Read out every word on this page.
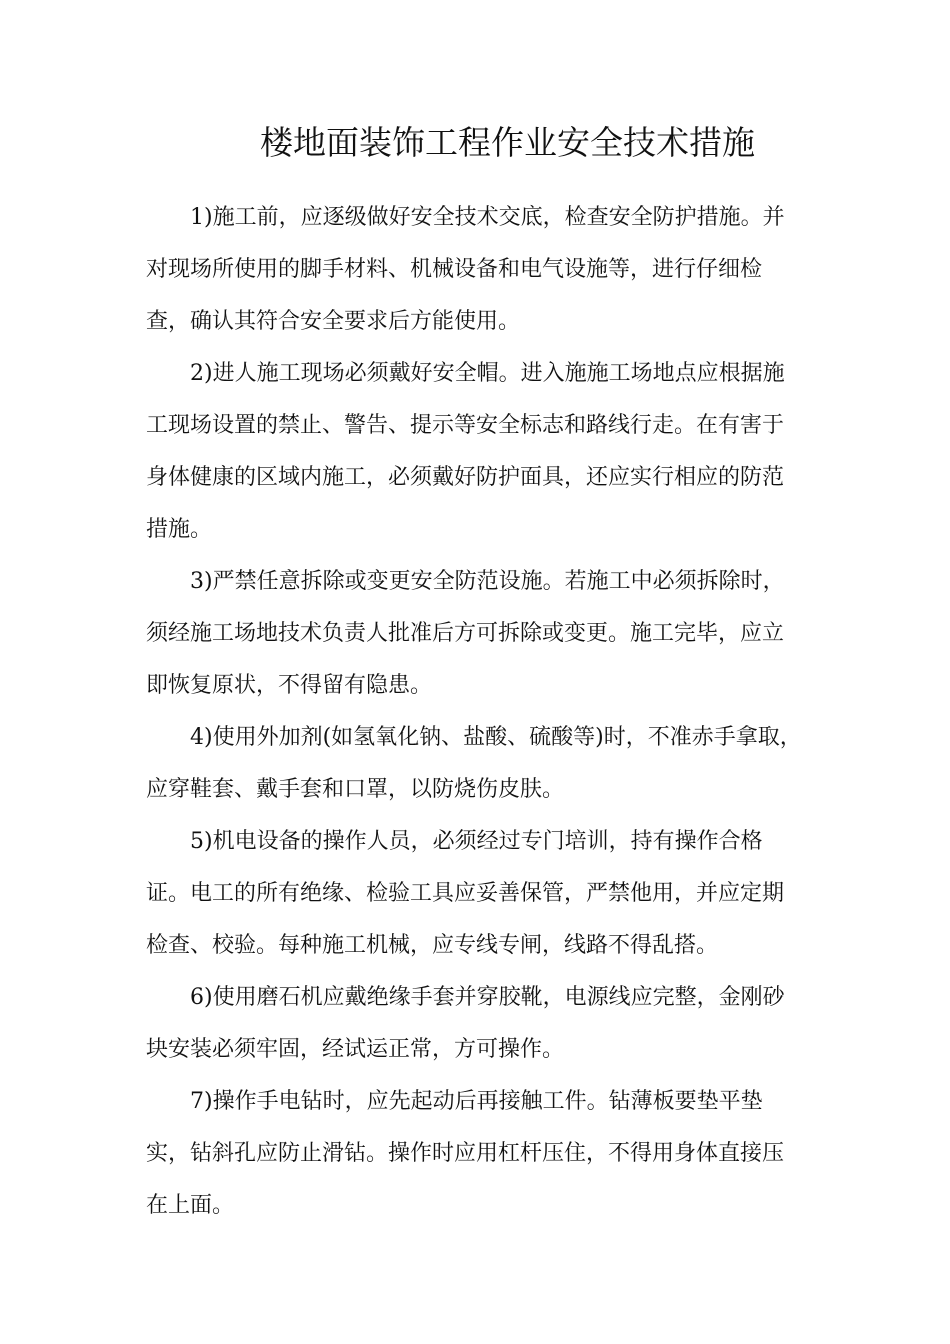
楼地面装饰工程作业安全技术措施

1)施工前，应逐级做好安全技术交底，检查安全防护措施。并
对现场所使用的脚手材料、机械设备和电气设施等，进行仔细检
查，确认其符合安全要求后方能使用。

2)进人施工现场必须戴好安全帽。进入施施工场地点应根据施
工现场设置的禁止、警告、提示等安全标志和路线行走。在有害于
身体健康的区域内施工，必须戴好防护面具，还应实行相应的防范
措施。

3)严禁任意拆除或变更安全防范设施。若施工中必须拆除时，
须经施工场地技术负责人批准后方可拆除或变更。施工完毕，应立
即恢复原状，不得留有隐患。

4)使用外加剂(如氢氧化钠、盐酸、硫酸等)时，不准赤手拿取，
应穿鞋套、戴手套和口罩，以防烧伤皮肤。

5)机电设备的操作人员，必须经过专门培训，持有操作合格
证。电工的所有绝缘、检验工具应妥善保管，严禁他用，并应定期
检查、校验。每种施工机械，应专线专闸，线路不得乱搭。

6)使用磨石机应戴绝缘手套并穿胶靴，电源线应完整，金刚砂
块安装必须牢固，经试运正常，方可操作。

7)操作手电钻时，应先起动后再接触工件。钻薄板要垫平垫
实，钻斜孔应防止滑钻。操作时应用杠杆压住，不得用身体直接压
在上面。
